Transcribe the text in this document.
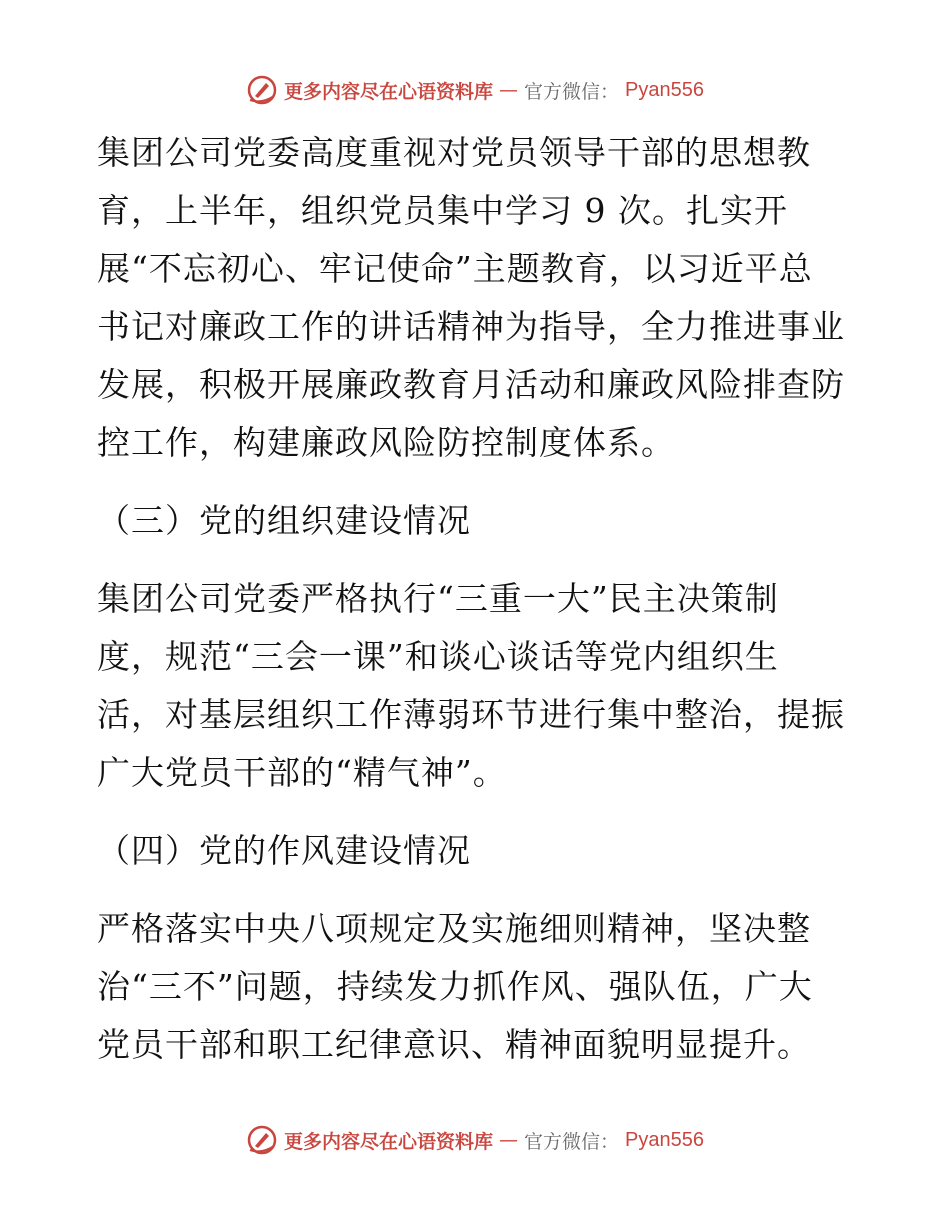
更多内容尽在心语资料库 — 官方微信： Pyan556
集团公司党委高度重视对党员领导干部的思想教
育，上半年，组织党员集中学习 9 次。扎实开
展“不忘初心、牢记使命”主题教育，以习近平总
书记对廉政工作的讲话精神为指导，全力推进事业
发展，积极开展廉政教育月活动和廉政风险排查防
控工作，构建廉政风险防控制度体系。
（三）党的组织建设情况
集团公司党委严格执行“三重一大”民主决策制
度，规范“三会一课”和谈心谈话等党内组织生
活，对基层组织工作薄弱环节进行集中整治，提振
广大党员干部的“精气神”。
（四）党的作风建设情况
严格落实中央八项规定及实施细则精神，坚决整
治“三不”问题，持续发力抓作风、强队伍，广大
党员干部和职工纪律意识、精神面貌明显提升。
更多内容尽在心语资料库 — 官方微信： Pyan556
